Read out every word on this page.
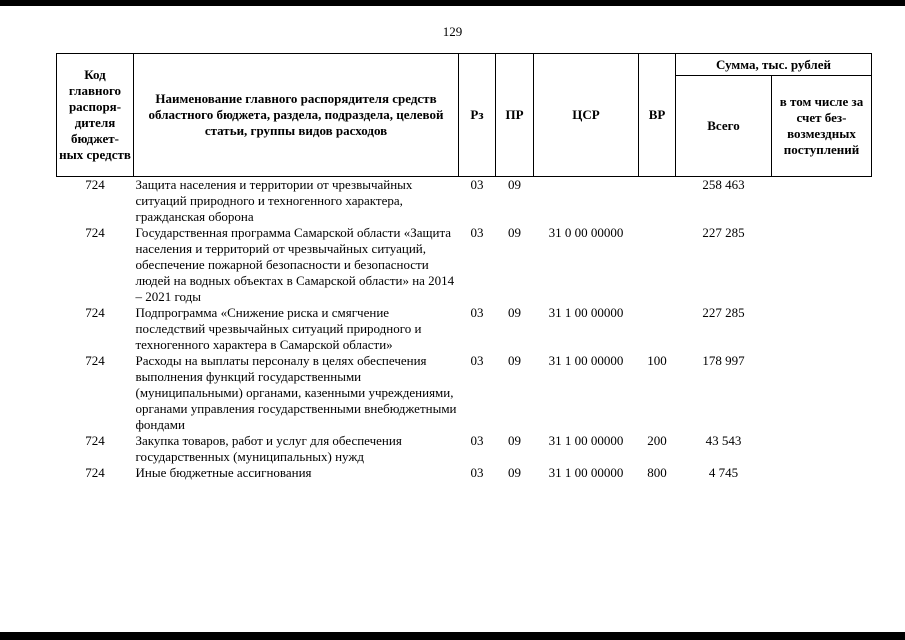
129
Код главного распоря-дителя бюджет-ных средств	Наименование главного распорядителя средств областного бюджета, раздела, подраздела, целевой статьи, группы видов расходов	Рз	ПР	ЦСР	ВР	Сумма, тыс. рублей	
						Всего	в том числе за счет без-возмездных поступлений
724	Защита населения и территории от чрезвычайных ситуаций природного и техногенного характера, гражданская оборона	03	09			258 463	
724	Государственная программа Самарской области «Защита населения и территорий от чрезвычайных ситуаций, обеспечение пожарной безопасности и безопасности людей на водных объектах в Самарской области» на 2014 – 2021 годы	03	09	31 0 00 00000		227 285	
724	Подпрограмма «Снижение риска и смягчение последствий чрезвычайных ситуаций природного и техногенного характера в Самарской области»	03	09	31 1 00 00000		227 285	
724	Расходы на выплаты персоналу в целях обеспечения выполнения функций государственными (муниципальными) органами, казенными учреждениями, органами управления государственными внебюджетными фондами	03	09	31 1 00 00000	100	178 997	
724	Закупка товаров, работ и услуг для обеспечения государственных (муниципальных) нужд	03	09	31 1 00 00000	200	43 543	
724	Иные бюджетные ассигнования	03	09	31 1 00 00000	800	4 745	
